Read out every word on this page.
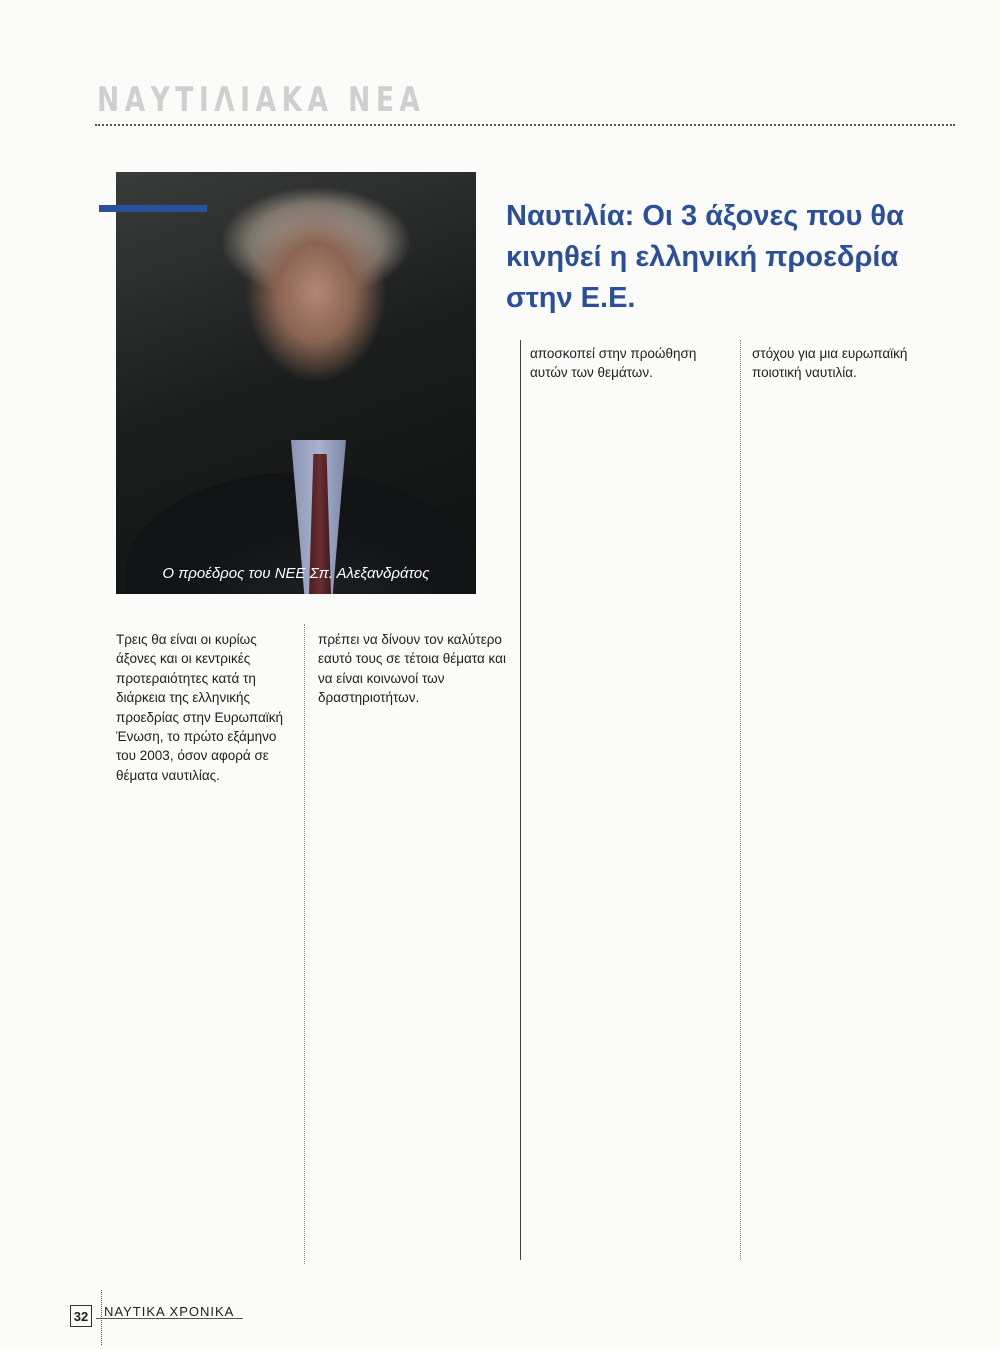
ΝΑΥΤΙΛΙΑΚΑ ΝΕΑ
Ο προέδρος του ΝΕΕ Σπ. Αλεξανδράτος
Ναυτιλία: Οι 3 άξονες που θα κινηθεί η ελληνική προεδρία στην Ε.Ε.

Τρεις θα είναι οι κυρίως άξονες και οι κεντρικές προτεραιότητες κατά τη διάρκεια της ελληνικής προεδρίας στην Ευρωπαϊκή Ένωση, το πρώτο εξάμηνο του 2003, όσον αφορά σε θέματα ναυτιλίας.

πρέπει να δίνουν τον καλύτερο εαυτό τους σε τέτοια θέματα και να είναι κοινωνοί των δραστηριοτήτων.

αποσκοπεί στην προώθηση αυτών των θεμάτων.

στόχου για μια ευρωπαϊκή ποιοτική ναυτιλία.

32 ΝΑΥΤΙΚΑ ΧΡΟΝΙΚΑ
